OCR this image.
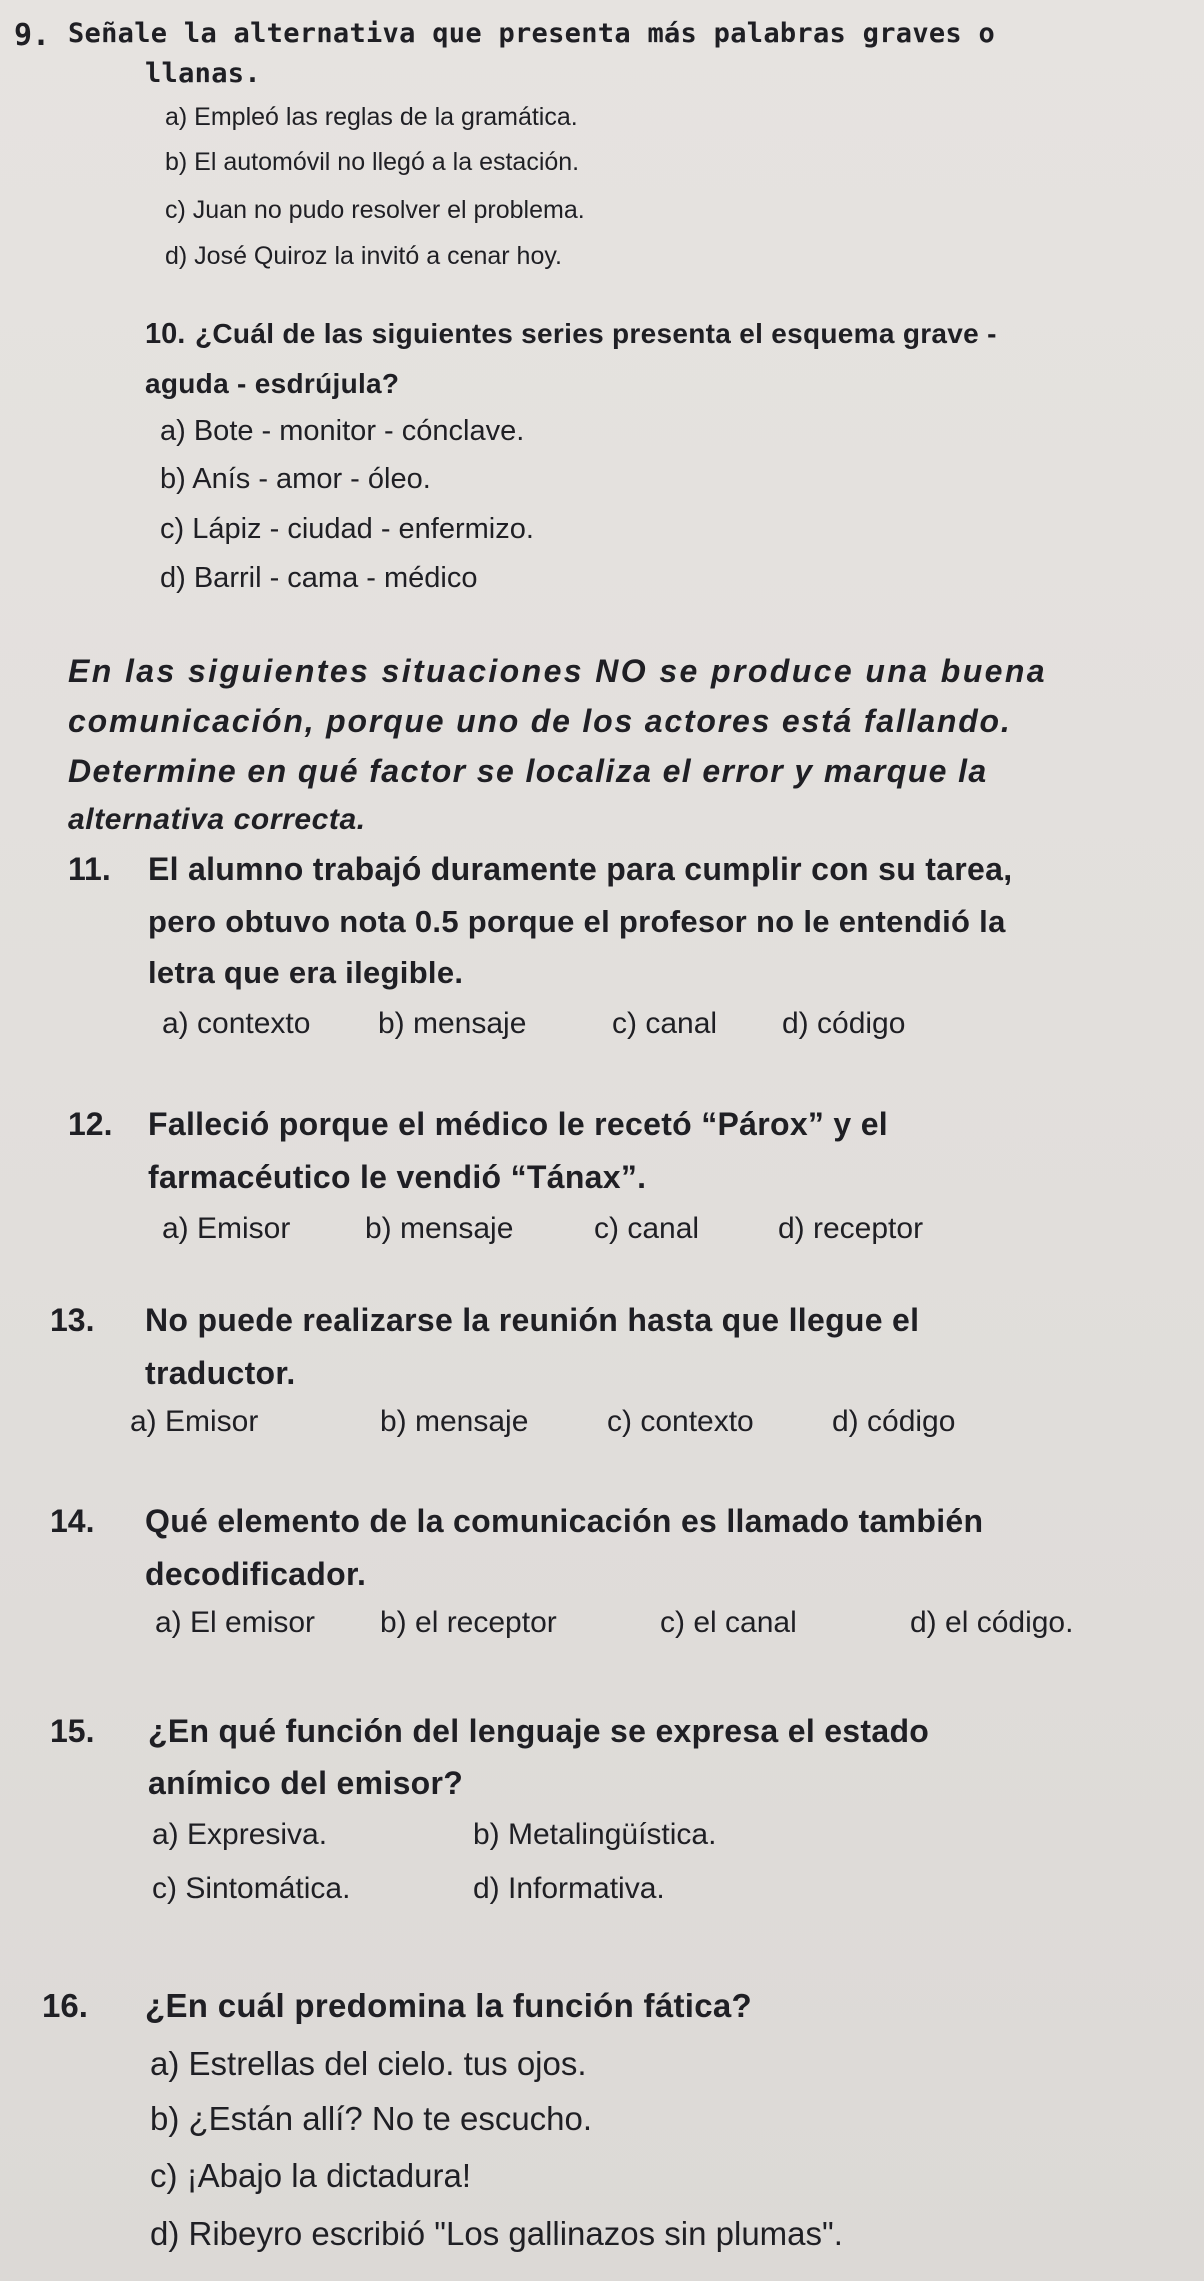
9. Señale la alternativa que presenta más palabras graves o
llanas.
a) Empleó las reglas de la gramática.
b) El automóvil no llegó a la estación.
c) Juan no pudo resolver el problema.
d) José Quiroz la invitó a cenar hoy.
10. ¿Cuál de las siguientes series presenta el esquema grave -
aguda - esdrújula?
a) Bote - monitor - cónclave.
b) Anís - amor - óleo.
c) Lápiz - ciudad - enfermizo.
d) Barril - cama - médico
En las siguientes situaciones NO se produce una buena
comunicación, porque uno de los actores está fallando.
Determine en qué factor se localiza el error y marque la
alternativa correcta.
11. El alumno trabajó duramente para cumplir con su tarea,
pero obtuvo nota 0.5 porque el profesor no le entendió la
letra que era ilegible.
a) contexto b) mensaje	c) canal d) código
12. Falleció porque el médico le recetó “Párox” y el
farmacéutico le vendió “Tánax”.
a) Emisor b) mensaje	c) canal	d) receptor
13. No puede realizarse la reunión hasta que llegue el
traductor.
a) Emisor	b) mensaje	c) contexto	d) código
14. Qué elemento de la comunicación es llamado también
decodificador.
a) El emisor b) el receptor	c) el canal	d) el código.
15. ¿En qué función del lenguaje se expresa el estado
anímico del emisor?
a) Expresiva.	b) Metalingüística.
c) Sintomática.	d) Informativa.
16. ¿En cuál predomina la función fática?
a) Estrellas del cielo. tus ojos.
b) ¿Están allí? No te escucho.
c) ¡Abajo la dictadura!
d) Ribeyro escribió "Los gallinazos sin plumas".
